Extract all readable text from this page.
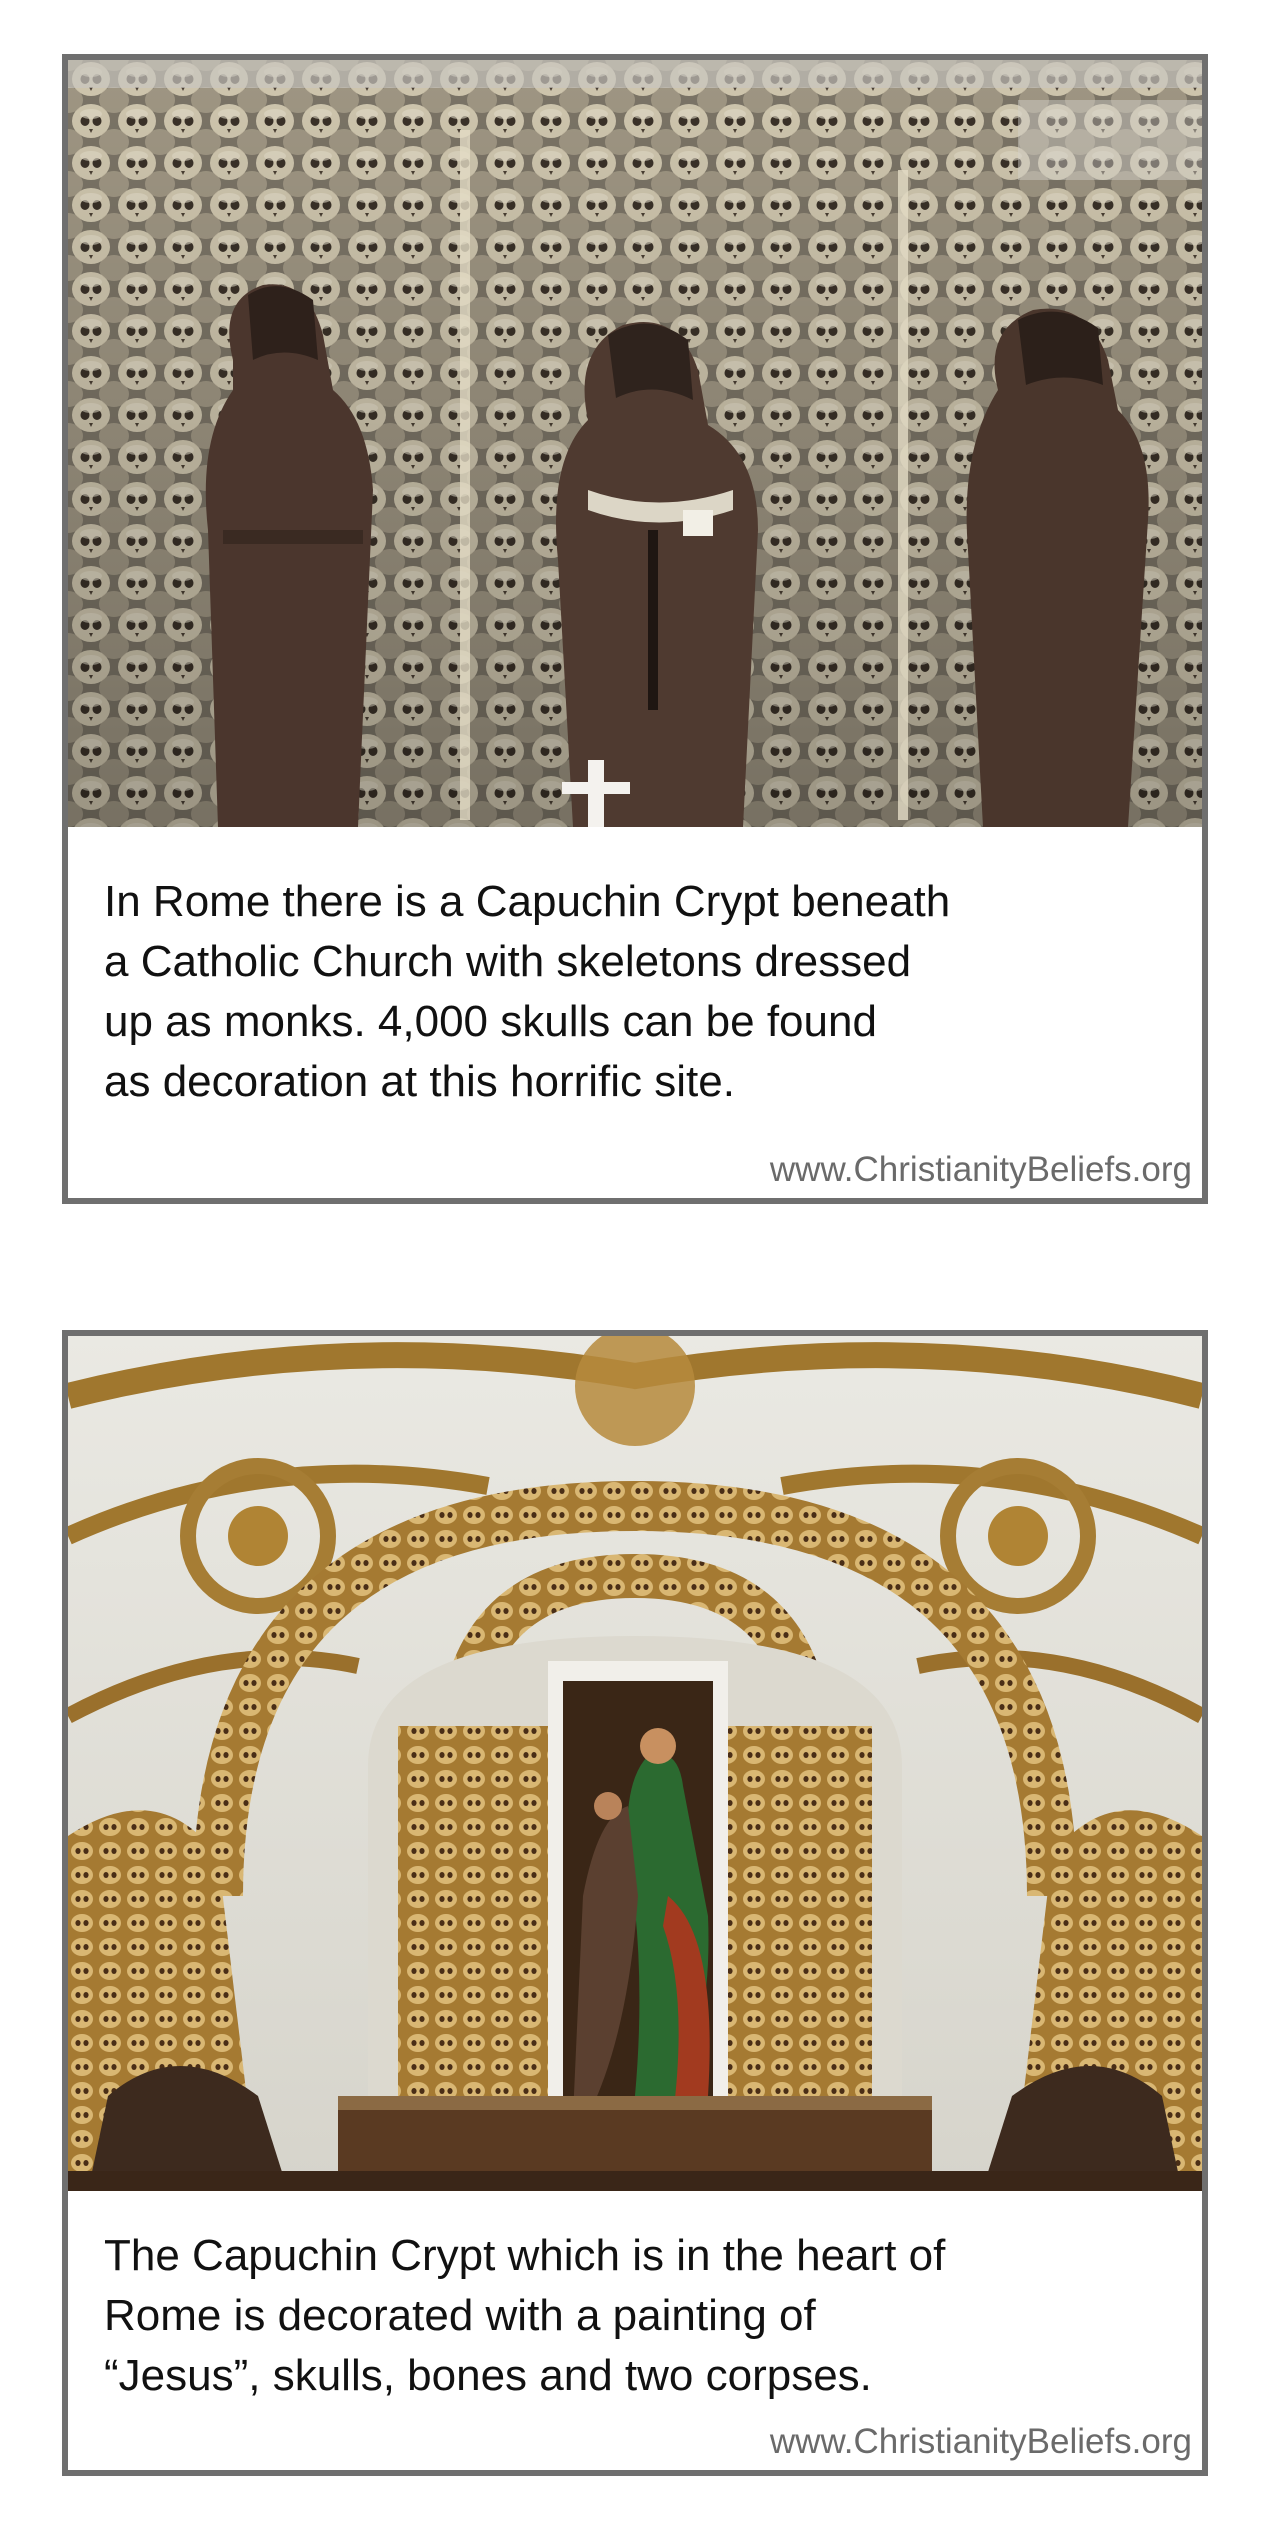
In Rome there is a Capuchin Crypt beneath
a Catholic Church with skeletons dressed
up as monks. 4,000 skulls can be found
as decoration at this horrific site.

www.ChristianityBeliefs.org

The Capuchin Crypt which is in the heart of
Rome is decorated with a painting of
“Jesus”, skulls, bones and two corpses.

www.ChristianityBeliefs.org
